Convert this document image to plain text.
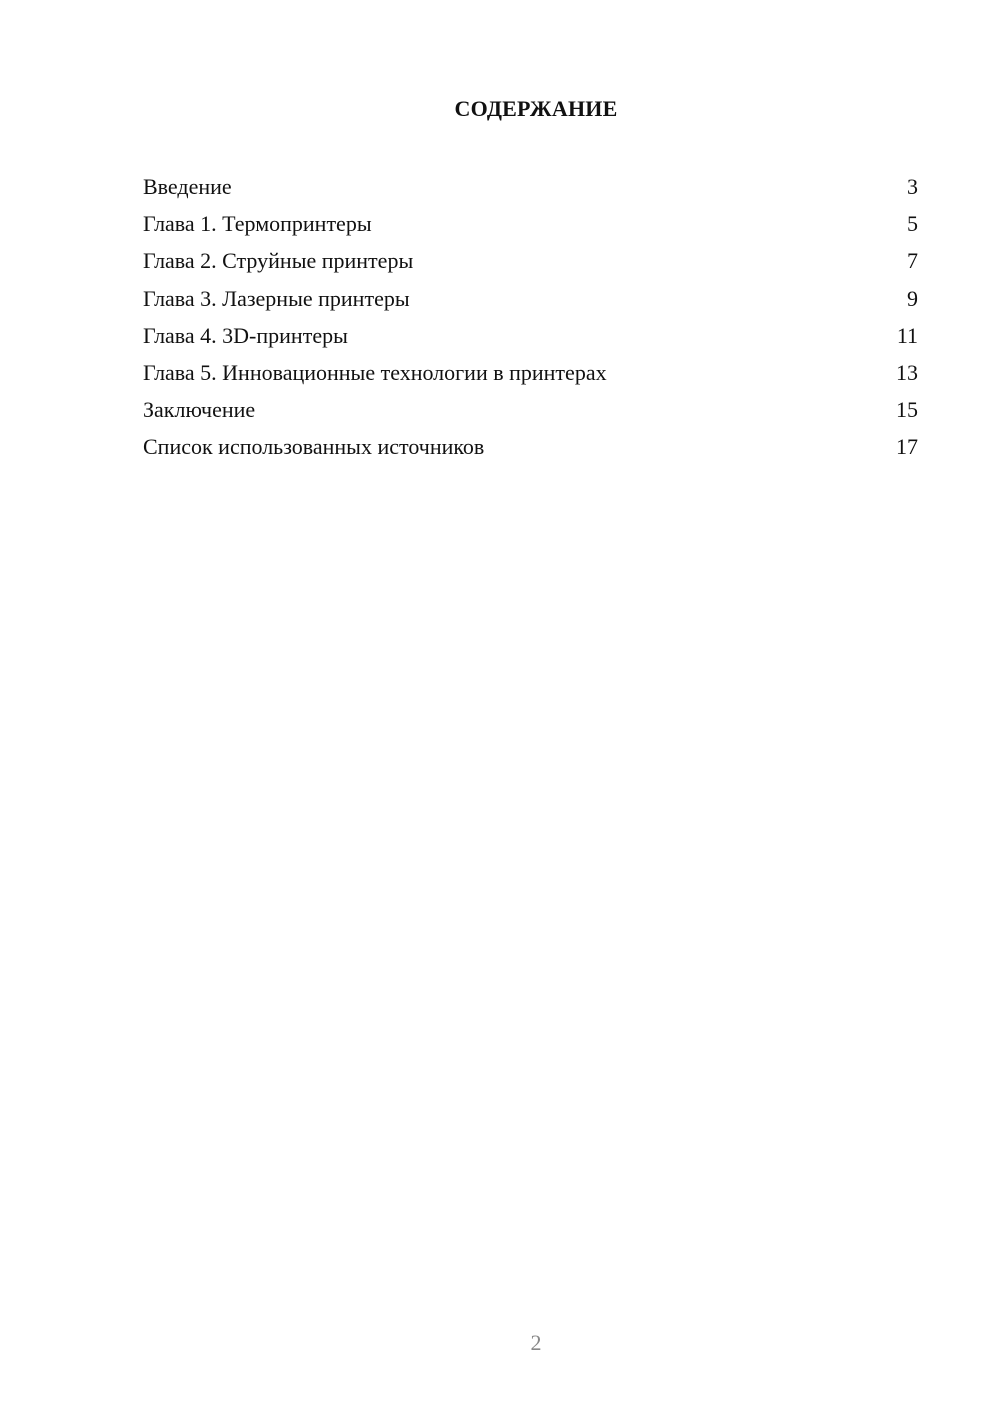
СОДЕРЖАНИЕ
Введение	3
Глава 1. Термопринтеры	5
Глава 2. Струйные принтеры	7
Глава 3. Лазерные принтеры	9
Глава 4. 3D-принтеры	11
Глава 5. Инновационные технологии в принтерах	13
Заключение	15
Список использованных источников	17
2
